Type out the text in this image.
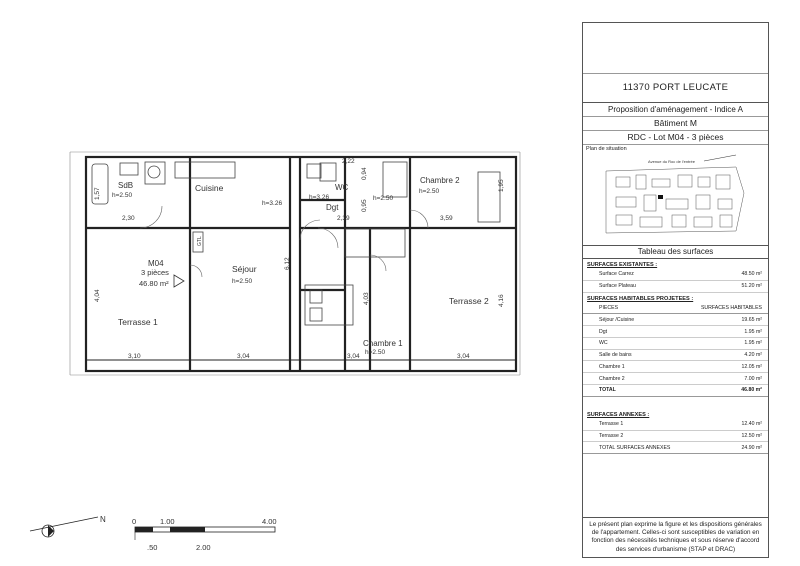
SdB
h=2.50
Cuisine
h=3.26
Séjour
h=2.50
WC
h=3.26
Dgt
h=2.50
Chambre 2
h=2.50
Chambre 1
h=2.50
Terrasse 1
Terrasse 2
M04
3 pièces
46.80 m²
GTL
1,57
2,30
4,04
3,10	3,04	3,04	3,04
6,12
2,22
0,94
0,95
2,39	3,59
1,95
4,03	4,16
N	0	1.00	4.00
.50	2.00
11370 PORT LEUCATE
Proposition d'aménagement - Indice A
Bâtiment M
RDC - Lot M04 - 3 pièces
Plan de situation
Avenue du Roc de l'entrée
Tableau des surfaces
SURFACES EXISTANTES :
Surface Carrez	48.50 m²
Surface Plateau	51.20 m²
SURFACES HABITABLES PROJETEES :
PIECES	SURFACES HABITABLES
Séjour /Cuisine	19.65 m²
Dgt	1.95 m²
WC	1.95 m²
Salle de bains	4.20 m²
Chambre 1	12.05 m²
Chambre 2	7.00 m²
TOTAL	46.80 m²
SURFACES ANNEXES :
Terrasse 1	12.40 m²
Terrasse 2	12.50 m²
TOTAL SURFACES ANNEXES	24.90 m²
Le présent plan exprime la figure et les dispositions générales de l'appartement. Celles-ci sont susceptibles de variation en fonction des nécessités techniques et sous réserve d'accord des services d'urbanisme (STAP et DRAC)
